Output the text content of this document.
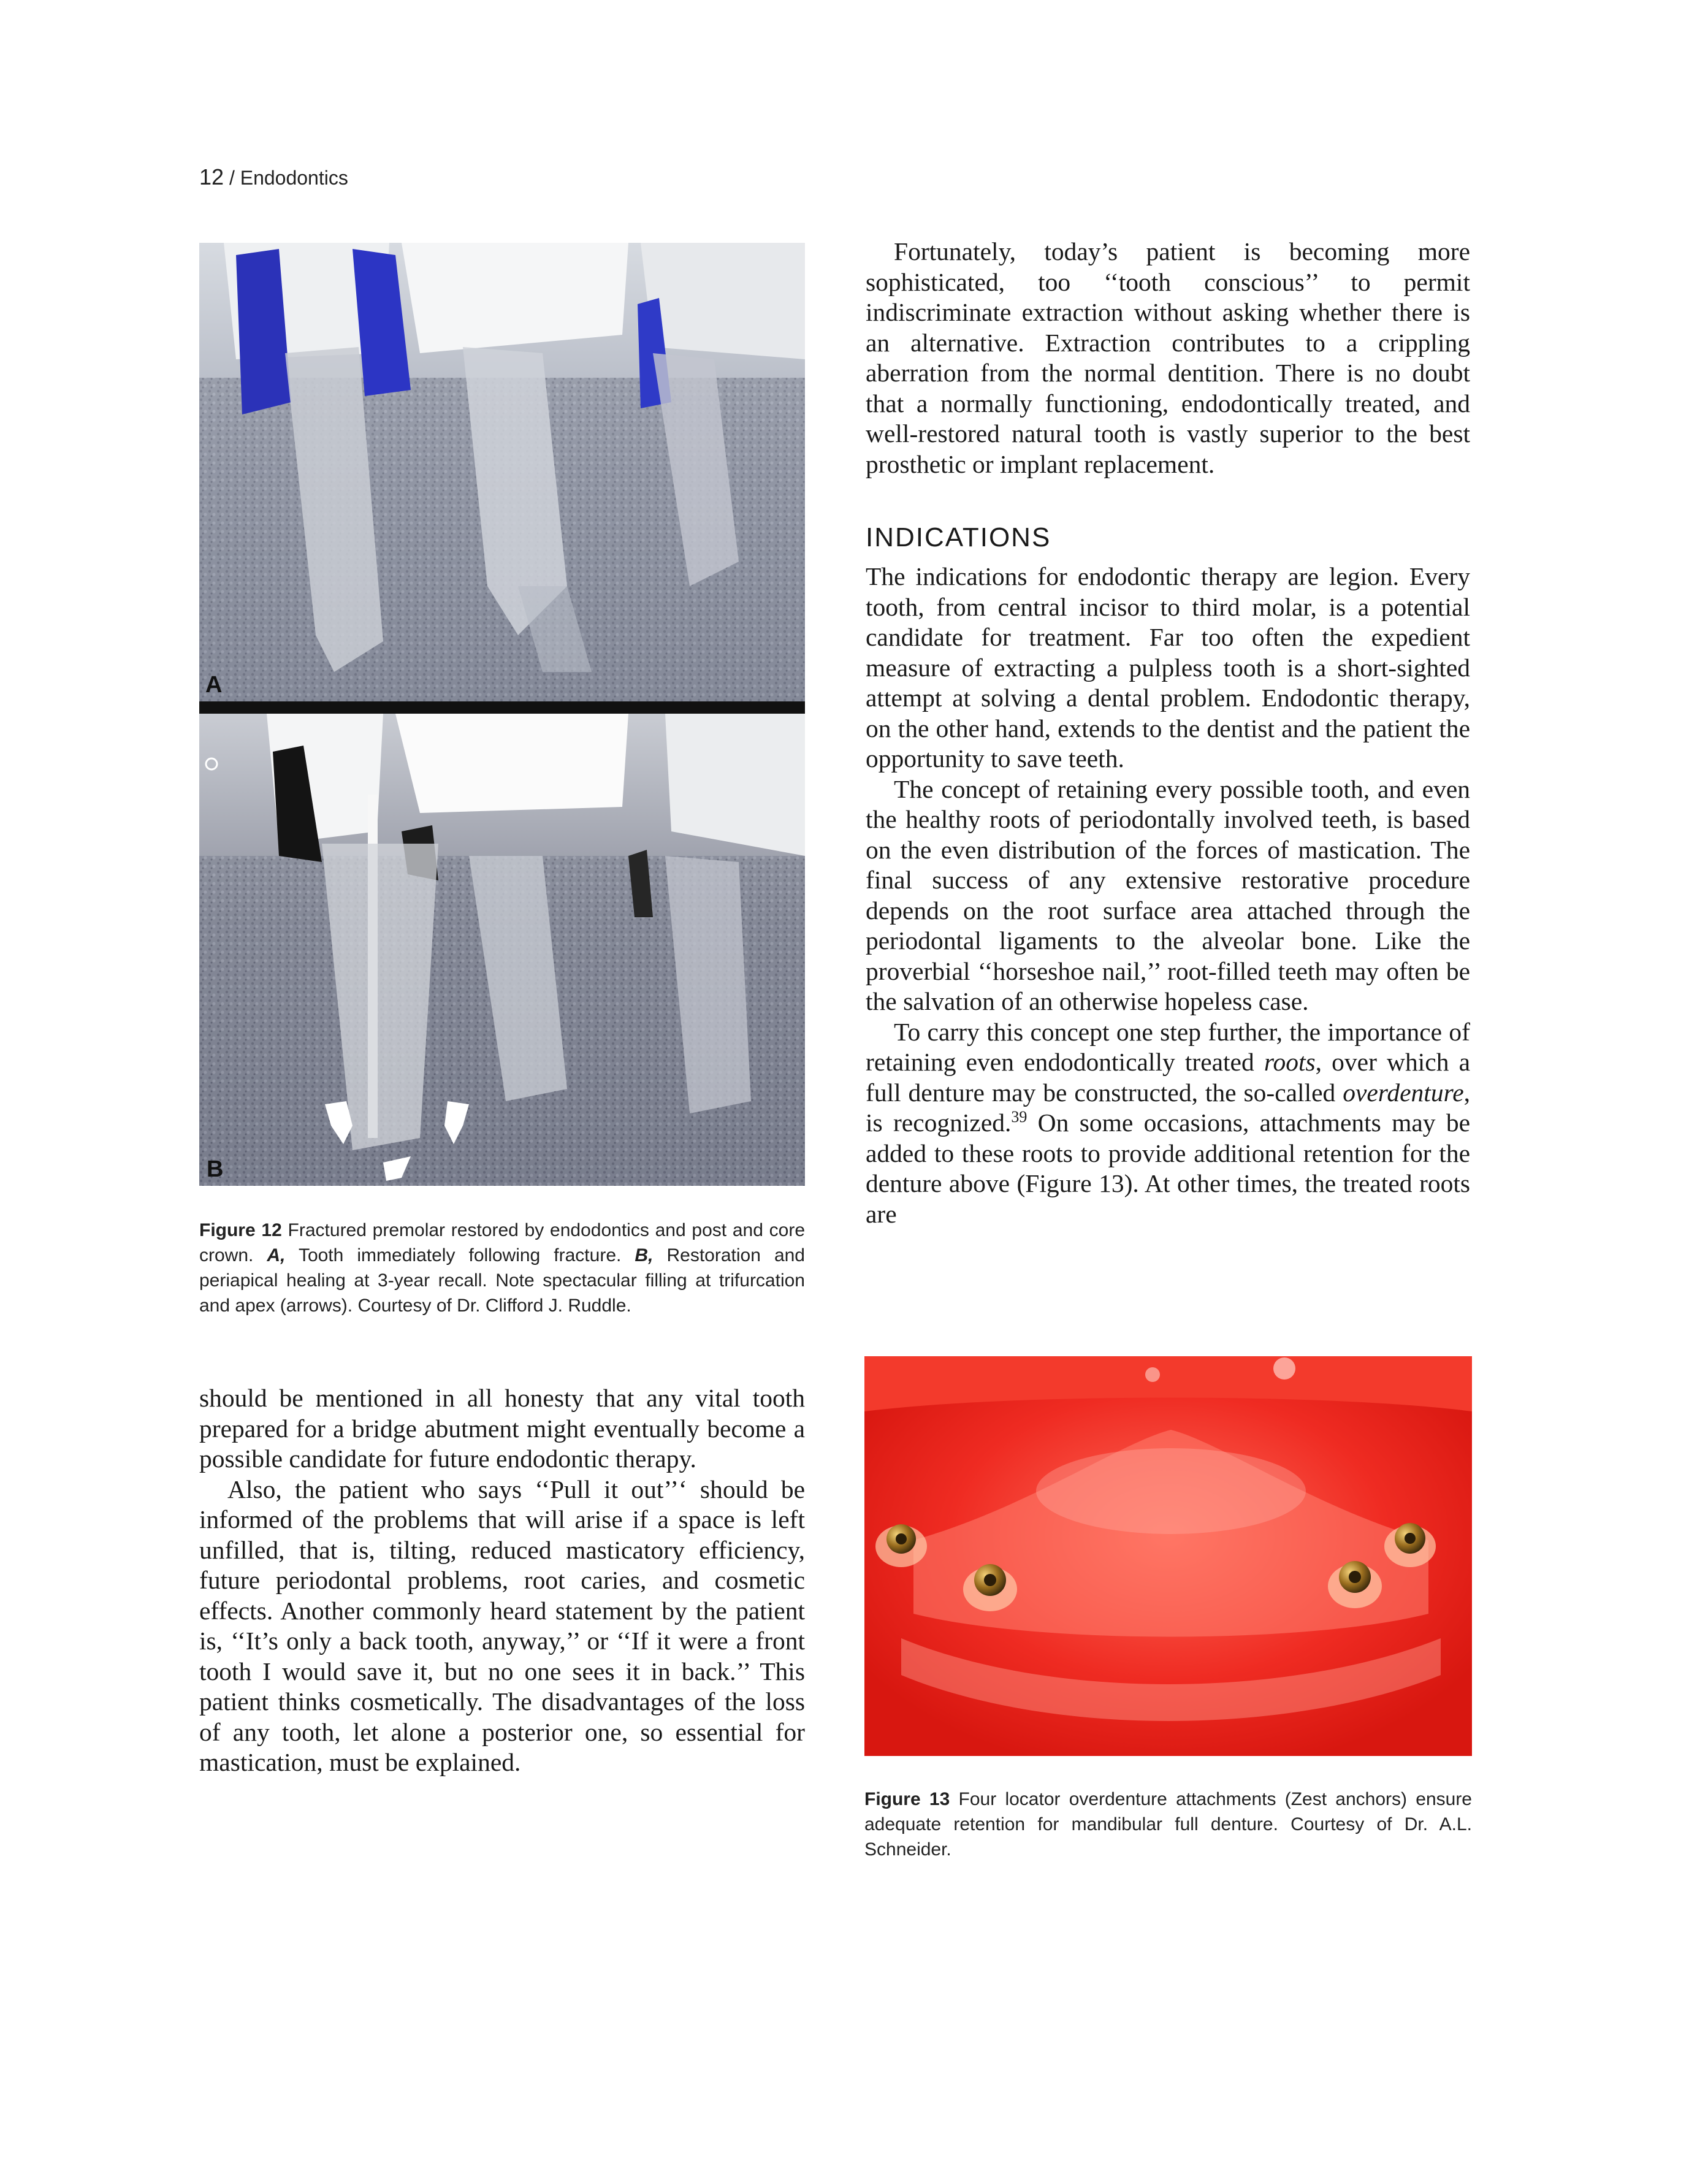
12 / Endodontics
A
B

Figure 12 Fractured premolar restored by endodontics and post and core crown. A, Tooth immediately following fracture. B, Restoration and periapical healing at 3-year recall. Note spectacular filling at trifurcation and apex (arrows). Courtesy of Dr. Clifford J. Ruddle.

should be mentioned in all honesty that any vital tooth prepared for a bridge abutment might eventually become a possible candidate for future endodontic therapy.

Also, the patient who says ‘‘Pull it out’’‘ should be informed of the problems that will arise if a space is left unfilled, that is, tilting, reduced masticatory efficiency, future periodontal problems, root caries, and cosmetic effects. Another commonly heard statement by the patient is, ‘‘It’s only a back tooth, anyway,’’ or ‘‘If it were a front tooth I would save it, but no one sees it in back.’’ This patient thinks cosmetically. The disadvantages of the loss of any tooth, let alone a posterior one, so essential for mastication, must be explained.

Fortunately, today’s patient is becoming more sophisticated, too ‘‘tooth conscious’’ to permit indiscriminate extraction without asking whether there is an alternative. Extraction contributes to a crippling aberration from the normal dentition. There is no doubt that a normally functioning, endodontically treated, and well-restored natural tooth is vastly superior to the best prosthetic or implant replacement.

INDICATIONS

The indications for endodontic therapy are legion. Every tooth, from central incisor to third molar, is a potential candidate for treatment. Far too often the expedient measure of extracting a pulpless tooth is a short-sighted attempt at solving a dental problem. Endodontic therapy, on the other hand, extends to the dentist and the patient the opportunity to save teeth.

The concept of retaining every possible tooth, and even the healthy roots of periodontally involved teeth, is based on the even distribution of the forces of mastication. The final success of any extensive restorative procedure depends on the root surface area attached through the periodontal ligaments to the alveolar bone. Like the proverbial ‘‘horseshoe nail,’’ root-filled teeth may often be the salvation of an otherwise hopeless case.

To carry this concept one step further, the importance of retaining even endodontically treated roots, over which a full denture may be constructed, the so-called overdenture, is recognized.$^{39}$ On some occasions, attachments may be added to these roots to provide additional retention for the denture above (Figure 13). At other times, the treated roots are

Figure 13 Four locator overdenture attachments (Zest anchors) ensure adequate retention for mandibular full denture. Courtesy of Dr. A.L. Schneider.
